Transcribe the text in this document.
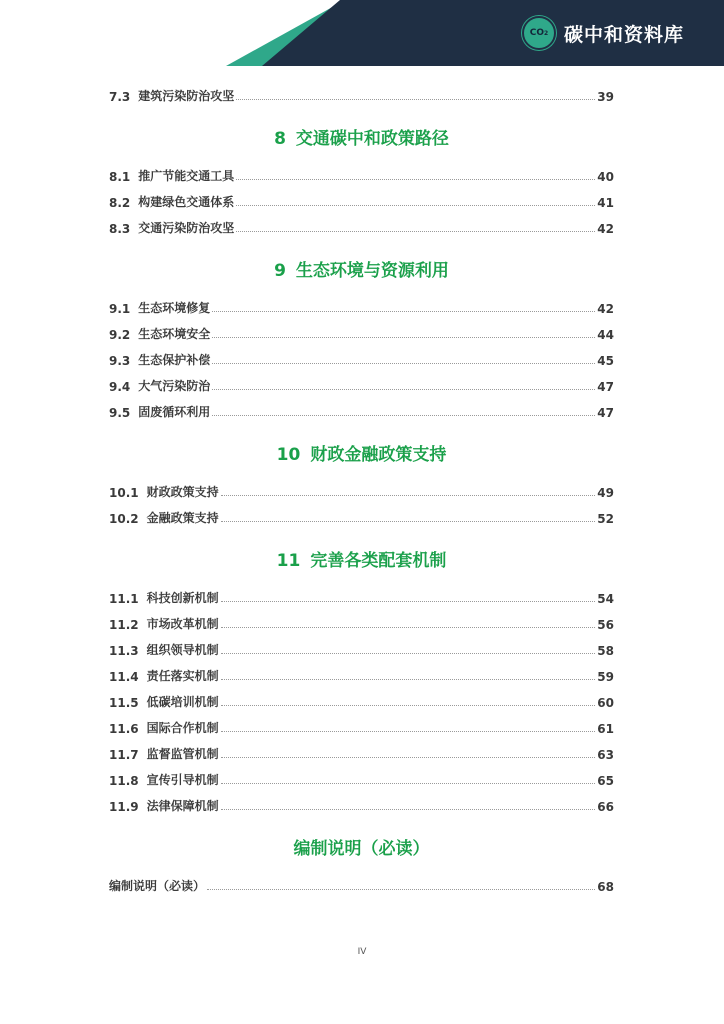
CO 2 碳中和资料库
7.3 建筑污染防治攻坚	39
8 交通碳中和政策路径
8.1 推广节能交通工具	40
8.2 构建绿色交通体系	41
8.3 交通污染防治攻坚	42
9 生态环境与资源利用
9.1 生态环境修复	42
9.2 生态环境安全	44
9.3 生态保护补偿	45
9.4 大气污染防治	47
9.5 固废循环利用	47
10 财政金融政策支持
10.1 财政政策支持	49
10.2 金融政策支持	52
11 完善各类配套机制
11.1 科技创新机制	54
11.2 市场改革机制	56
11.3 组织领导机制	58
11.4 责任落实机制	59
11.5 低碳培训机制	60
11.6 国际合作机制	61
11.7 监督监管机制	63
11.8 宣传引导机制	65
11.9 法律保障机制	66
编制说明（必读）
编制说明（必读）	68
IV
